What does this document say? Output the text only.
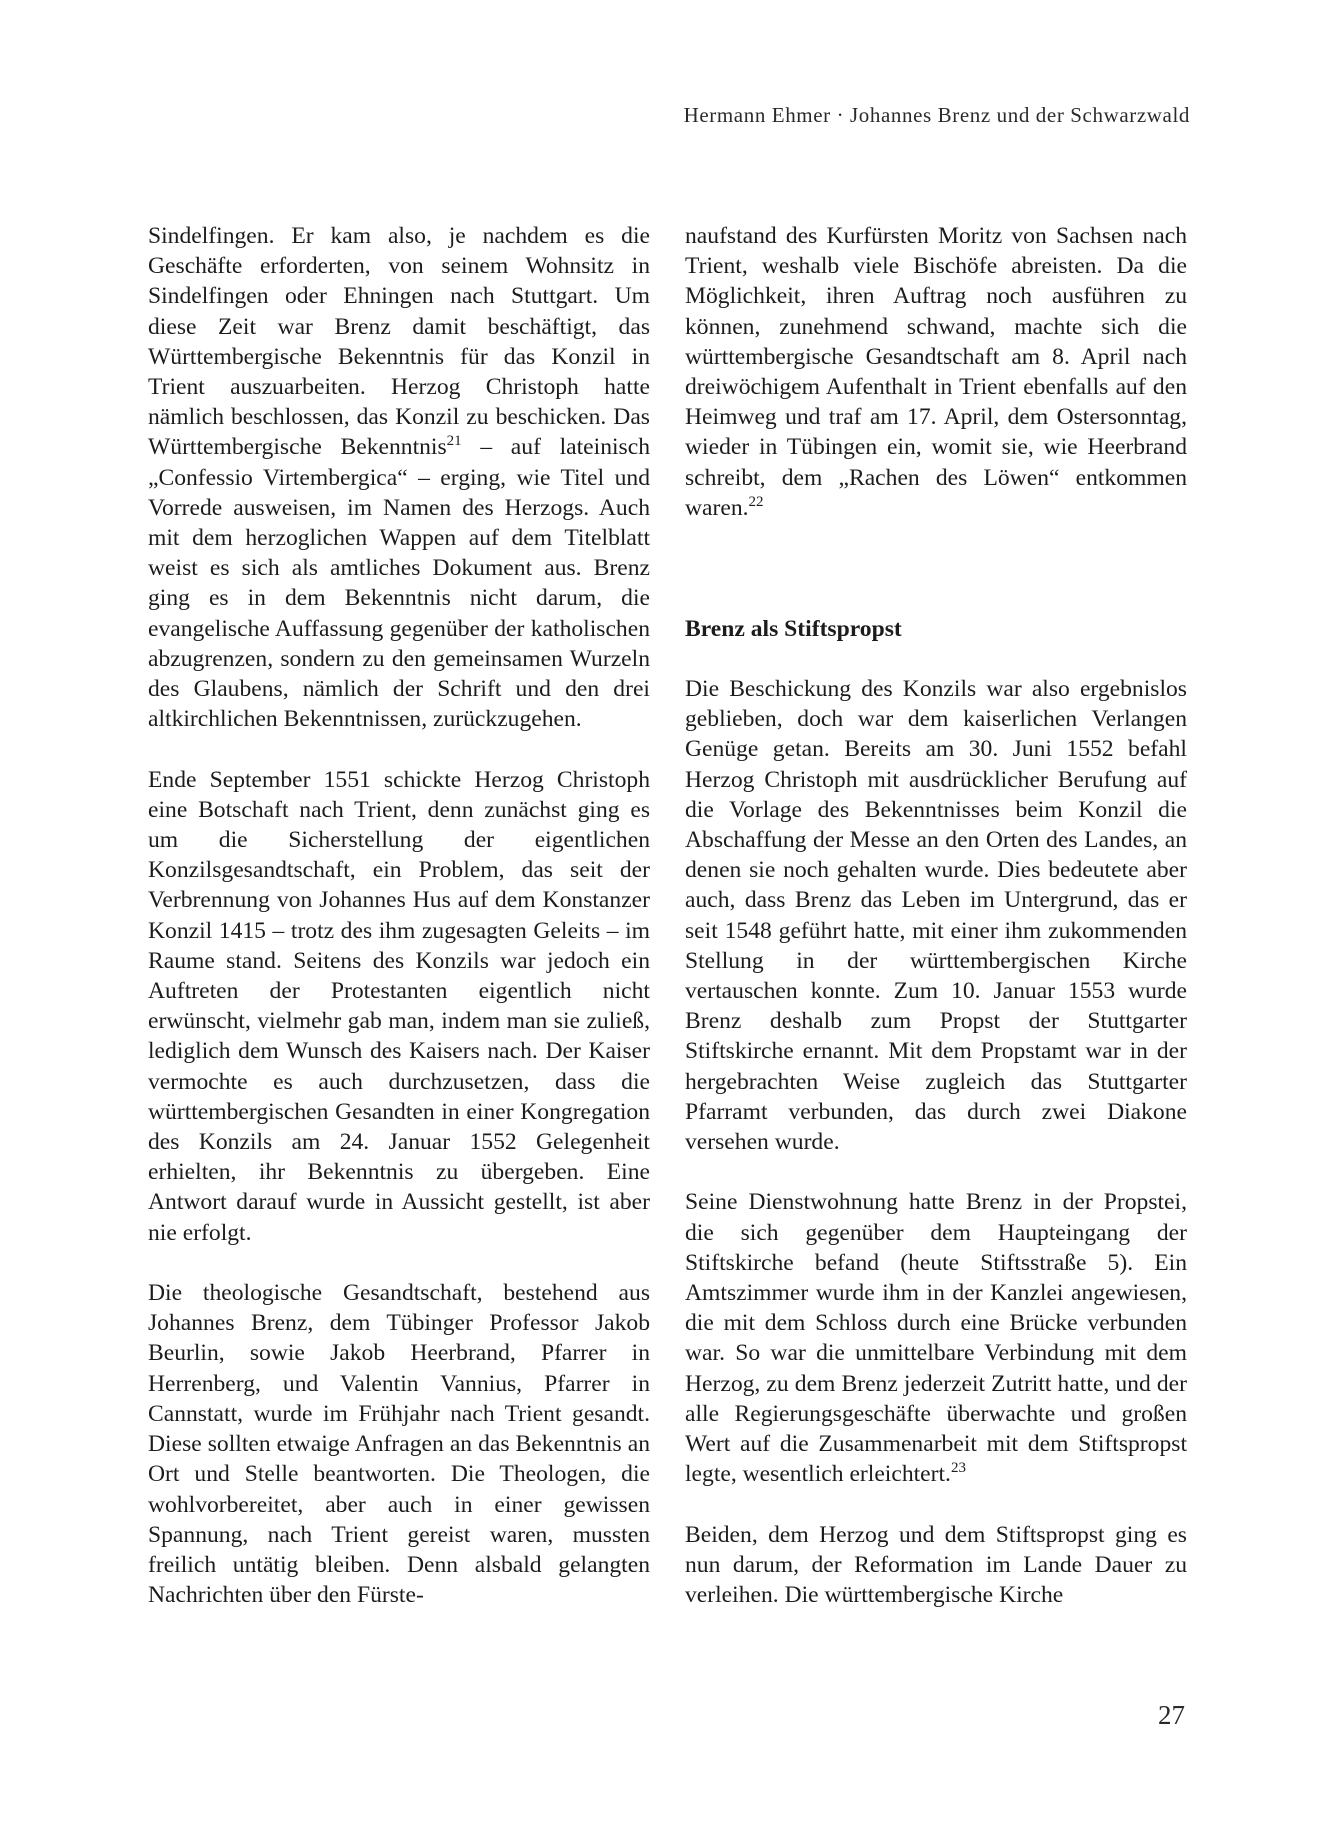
Hermann Ehmer · Johannes Brenz und der Schwarzwald

Sindelfingen. Er kam also, je nachdem es die Geschäfte erforderten, von seinem Wohnsitz in Sindelfingen oder Ehningen nach Stuttgart. Um diese Zeit war Brenz damit beschäftigt, das Württembergische Bekenntnis für das Konzil in Trient auszuarbeiten. Herzog Christoph hatte nämlich beschlossen, das Konzil zu beschicken. Das Württembergische Bekenntnis$^{21}$ – auf lateinisch „Confessio Virtembergica“ – erging, wie Titel und Vorrede ausweisen, im Namen des Herzogs. Auch mit dem herzoglichen Wappen auf dem Titelblatt weist es sich als amtliches Dokument aus. Brenz ging es in dem Bekenntnis nicht darum, die evangelische Auffassung gegenüber der katholischen abzugrenzen, sondern zu den gemeinsamen Wurzeln des Glaubens, nämlich der Schrift und den drei altkirchlichen Bekenntnissen, zurückzugehen.

Ende September 1551 schickte Herzog Christoph eine Botschaft nach Trient, denn zunächst ging es um die Sicherstellung der eigentlichen Konzilsgesandtschaft, ein Problem, das seit der Verbrennung von Johannes Hus auf dem Konstanzer Konzil 1415 – trotz des ihm zugesagten Geleits – im Raume stand. Seitens des Konzils war jedoch ein Auftreten der Protestanten eigentlich nicht erwünscht, vielmehr gab man, indem man sie zuließ, lediglich dem Wunsch des Kaisers nach. Der Kaiser vermochte es auch durchzusetzen, dass die württembergischen Gesandten in einer Kongregation des Konzils am 24. Januar 1552 Gelegenheit erhielten, ihr Bekenntnis zu übergeben. Eine Antwort darauf wurde in Aussicht gestellt, ist aber nie erfolgt.

Die theologische Gesandtschaft, bestehend aus Johannes Brenz, dem Tübinger Professor Jakob Beurlin, sowie Jakob Heerbrand, Pfarrer in Herrenberg, und Valentin Vannius, Pfarrer in Cannstatt, wurde im Frühjahr nach Trient gesandt. Diese sollten etwaige Anfragen an das Bekenntnis an Ort und Stelle beantworten. Die Theologen, die wohlvorbereitet, aber auch in einer gewissen Spannung, nach Trient gereist waren, mussten freilich untätig bleiben. Denn alsbald gelangten Nachrichten über den Fürste-

naufstand des Kurfürsten Moritz von Sachsen nach Trient, weshalb viele Bischöfe abreisten. Da die Möglichkeit, ihren Auftrag noch ausführen zu können, zunehmend schwand, machte sich die württembergische Gesandtschaft am 8. April nach dreiwöchigem Aufenthalt in Trient ebenfalls auf den Heimweg und traf am 17. April, dem Ostersonntag, wieder in Tübingen ein, womit sie, wie Heerbrand schreibt, dem „Rachen des Löwen“ entkommen waren.$^{22}$

Brenz als Stiftspropst

Die Beschickung des Konzils war also ergebnislos geblieben, doch war dem kaiserlichen Verlangen Genüge getan. Bereits am 30. Juni 1552 befahl Herzog Christoph mit ausdrücklicher Berufung auf die Vorlage des Bekenntnisses beim Konzil die Abschaffung der Messe an den Orten des Landes, an denen sie noch gehalten wurde. Dies bedeutete aber auch, dass Brenz das Leben im Untergrund, das er seit 1548 geführt hatte, mit einer ihm zukommenden Stellung in der württembergischen Kirche vertauschen konnte. Zum 10. Januar 1553 wurde Brenz deshalb zum Propst der Stuttgarter Stiftskirche ernannt. Mit dem Propstamt war in der hergebrachten Weise zugleich das Stuttgarter Pfarramt verbunden, das durch zwei Diakone versehen wurde.

Seine Dienstwohnung hatte Brenz in der Propstei, die sich gegenüber dem Haupteingang der Stiftskirche befand (heute Stiftsstraße 5). Ein Amtszimmer wurde ihm in der Kanzlei angewiesen, die mit dem Schloss durch eine Brücke verbunden war. So war die unmittelbare Verbindung mit dem Herzog, zu dem Brenz jederzeit Zutritt hatte, und der alle Regierungsgeschäfte überwachte und großen Wert auf die Zusammenarbeit mit dem Stiftspropst legte, wesentlich erleichtert.$^{23}$

Beiden, dem Herzog und dem Stiftspropst ging es nun darum, der Reformation im Lande Dauer zu verleihen. Die württembergische Kirche

27
